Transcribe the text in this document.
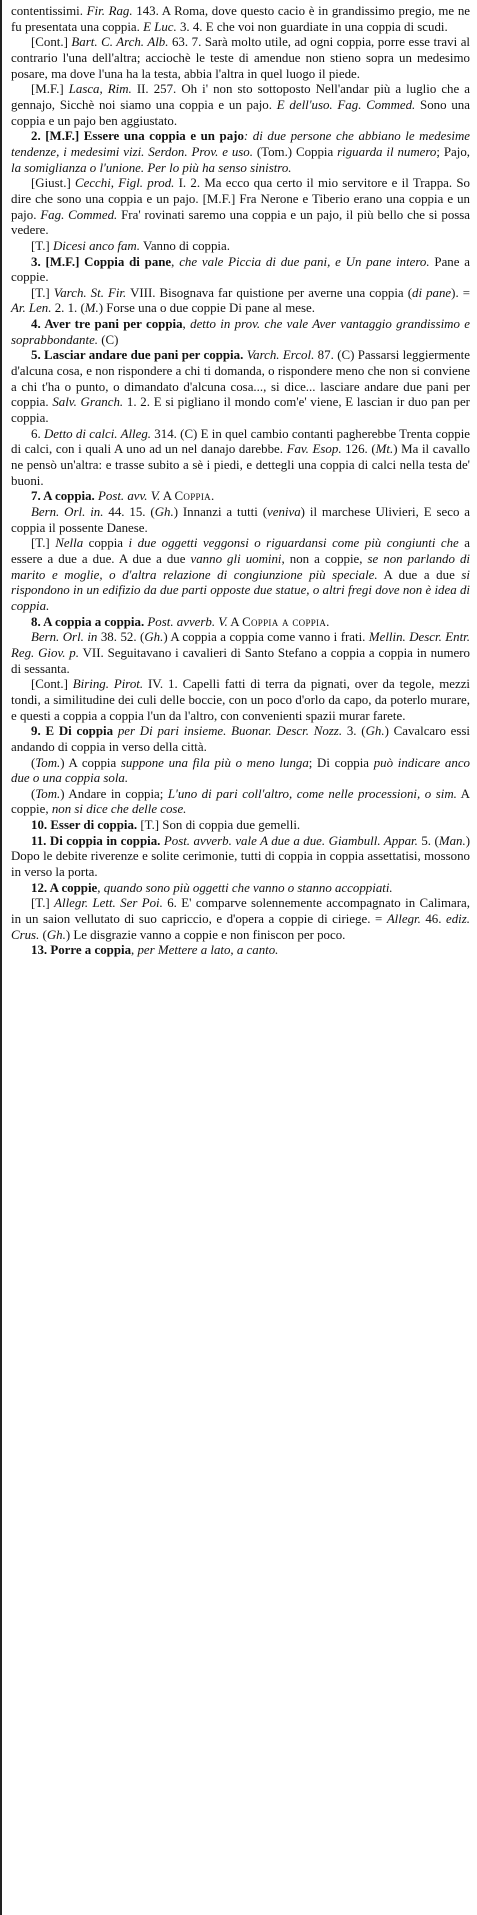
contentissimi. Fir. Rag. 143. A Roma, dove questo cacio è in grandissimo pregio, me ne fu presentata una coppia. E Luc. 3. 4. E che voi non guardiate in una coppia di scudi.

[Cont.] Bart. C. Arch. Alb. 63. 7. Sarà molto utile, ad ogni coppia, porre esse travi al contrario l'una dell'altra; acciochè le teste di amendue non stieno sopra un medesimo posare, ma dove l'una ha la testa, abbia l'altra in quel luogo il piede.

[M.F.] Lasca, Rim. II. 257. Oh i' non sto sottoposto Nell'andar più a luglio che a gennajo, Sicchè noi siamo una coppia e un pajo. E dell'uso. Fag. Commed. Sono una coppia e un pajo ben aggiustato.

2. [M.F.] Essere una coppia e un pajo: di due persone che abbiano le medesime tendenze, i medesimi vizi. Serdon. Prov. e uso. (Tom.) Coppia riguarda il numero; Pajo, la somiglianza o l'unione. Per lo più ha senso sinistro.

[Giust.] Cecchi, Figl. prod. I. 2. Ma ecco qua certo il mio servitore e il Trappa. So dire che sono una coppia e un pajo. [M.F.] Fra Nerone e Tiberio erano una coppia e un pajo. Fag. Commed. Fra' rovinati saremo una coppia e un pajo, il più bello che si possa vedere.

[T.] Dicesi anco fam. Vanno di coppia.

3. [M.F.] Coppia di pane, che vale Piccia di due pani, e Un pane intero. Pane a coppie.

[T.] Varch. St. Fir. VIII. Bisognava far quistione per averne una coppia (di pane). = Ar. Len. 2. 1. (M.) Forse una o due coppie Di pane al mese.

4. Aver tre pani per coppia, detto in prov. che vale Aver vantaggio grandissimo e soprabbondante. (C)

5. Lasciar andare due pani per coppia. Varch. Ercol. 87. (C) Passarsi leggiermente d'alcuna cosa, e non rispondere a chi ti domanda, o rispondere meno che non si conviene a chi t'ha o punto, o dimandato d'alcuna cosa..., si dice... lasciare andare due pani per coppia. Salv. Granch. 1. 2. E si pigliano il mondo com'e' viene, E lascian ir duo pan per coppia.

6. Detto di calci. Alleg. 314. (C) E in quel cambio contanti pagherebbe Trenta coppie di calci, con i quali A uno ad un nel danajo darebbe. Fav. Esop. 126. (Mt.) Ma il cavallo ne pensò un'altra: e trasse subito a sè i piedi, e dettegli una coppia di calci nella testa de' buoni.

7. A coppia. Post. avv. V. A Coppia.

Bern. Orl. in. 44. 15. (Gh.) Innanzi a tutti (veniva) il marchese Ulivieri, E seco a coppia il possente Danese.

[T.] Nella coppia i due oggetti veggonsi o riguardansi come più congiunti che a essere a due a due. A due a due vanno gli uomini, non a coppie, se non parlando di marito e moglie, o d'altra relazione di congiunzione più speciale. A due a due si rispondono in un edifizio da due parti opposte due statue, o altri fregi dove non è idea di coppia.

8. A coppia a coppia. Post. avverb. V. A Coppia a coppia.

Bern. Orl. in 38. 52. (Gh.) A coppia a coppia come vanno i frati. Mellin. Descr. Entr. Reg. Giov. p. VII. Seguitavano i cavalieri di Santo Stefano a coppia a coppia in numero di sessanta.

[Cont.] Biring. Pirot. IV. 1. Capelli fatti di terra da pignati, over da tegole, mezzi tondi, a similitudine dei culi delle boccie, con un poco d'orlo da capo, da poterlo murare, e questi a coppia a coppia l'un da l'altro, con convenienti spazii murar farete.

9. E Di coppia per Di pari insieme. Buonar. Descr. Nozz. 3. (Gh.) Cavalcaro essi andando di coppia in verso della città.

(Tom.) A coppia suppone una fila più o meno lunga; Di coppia può indicare anco due o una coppia sola.

(Tom.) Andare in coppia; L'uno di pari coll'altro, come nelle processioni, o sim. A coppie, non si dice che delle cose.

10. Esser di coppia. [T.] Son di coppia due gemelli.

11. Di coppia in coppia. Post. avverb. vale A due a due. Giambull. Appar. 5. (Man.) Dopo le debite riverenze e solite cerimonie, tutti di coppia in coppia assettatisi, mossono in verso la porta.

12. A coppie, quando sono più oggetti che vanno o stanno accoppiati.

[T.] Allegr. Lett. Ser Poi. 6. E' comparve solennemente accompagnato in Calimara, in un saion vellutato di suo capriccio, e d'opera a coppie di ciriege. = Allegr. 46. ediz. Crus. (Gh.) Le disgrazie vanno a coppie e non finiscon per poco.

13. Porre a coppia, per Mettere a lato, a canto.
